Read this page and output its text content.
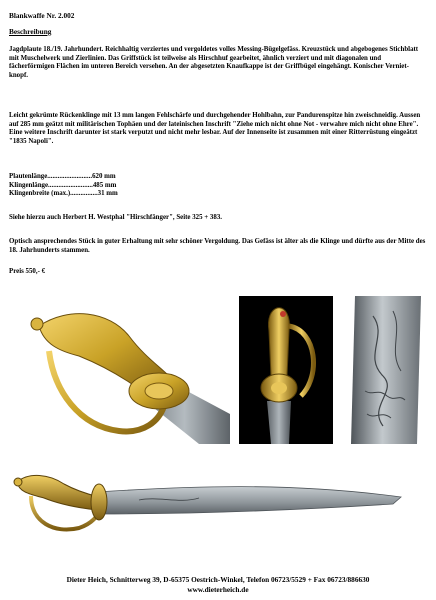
Blankwaffe Nr. 2.002
Beschreibung
Jagdplaute 18./19. Jahrhundert. Reichhaltig verziertes und vergoldetes volles Messing-Bügelgefäss. Kreuzstück und abgebogenes Stichblatt mit Muschelwerk und Zierlinien. Das Griffstück ist teilweise als Hirschhuf gearbeitet, ähnlich verziert und mit diagonalen und fächerförmigen Flächen im unteren Bereich versehen. An der abgesetzten Knaufkappe ist der Griffbügel eingehängt. Konischer Verniet-knopf.
Leicht gekrümte Rückenklinge mit 13 mm langen Fehlschärfe und durchgehender Hohlbahn, zur Pandurenspitze hin zweischneidig. Aussen auf 285 mm geätzt mit militärischen Tophäen und der lateinischen Inschrift "Ziehe mich nicht ohne Not - verwahre mich nicht ohne Ehre". Eine weitere Inschrift darunter ist stark verputzt und nicht mehr lesbar. Auf der Innenseite ist zusammen mit einer Ritterrüstung eingeätzt "1835 Napoli".
Plautenlänge..........................620 mm
Klingenlänge..........................485 mm
Klingenbreite (max.)................31 mm
Siehe hierzu auch Herbert H. Westphal "Hirschfänger", Seite 325 + 383.
Optisch ansprechendes Stück in guter Erhaltung mit sehr schöner Vergoldung. Das Gefäss ist älter als die Klinge und dürfte aus der Mitte des 18. Jahrhunderts stammen.
Preis 550,- €
Dieter Heich, Schnitterweg 39, D-65375 Oestrich-Winkel, Telefon 06723/5529 + Fax 06723/886630
www.dieterheich.de
